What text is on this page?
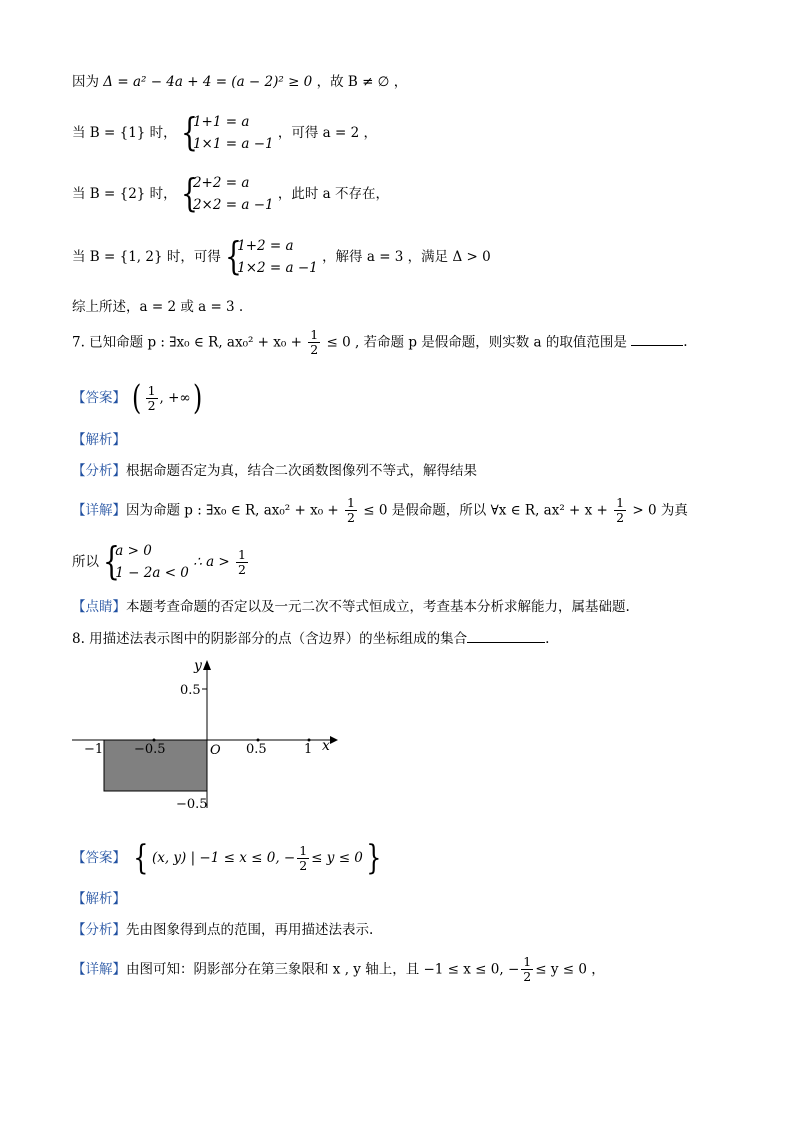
因为 Δ = a² − 4a + 4 = (a − 2)² ≥ 0 ，故 B ≠ ∅ ，
当 B = {1} 时， {
1+1 = a
1×1 = a −1
，可得 a = 2 ，
当 B = {2} 时， {
2+2 = a
2×2 = a −1
，此时 a 不存在，
当 B = {1, 2} 时，可得 {
1+2 = a
1×2 = a −1
，解得 a = 3 ，满足 Δ > 0
综上所述，a = 2 或 a = 3 .
7. 已知命题 p : ∃x₀ ∈ R, $ax_0^2 + x_0 + \frac{1}{2} \le 0$ , 若命题 p 是假命题，则实数 a 的取值范围是	.
【答案】 ( $\frac{1}{2}$ , +∞)
【解析】
【分析】根据命题否定为真，结合二次函数图像列不等式，解得结果
【详解】因为命题 p : ∃x₀ ∈ R, $ax_0^2 + x_0 + \frac{1}{2} \le 0$ 是假命题，所以 ∀x ∈ R, $ax^2 + x + \frac{1}{2} > 0$ 为真
所以 {
a > 0
1 − 2a < 0
∴ $a > \frac{1}{2}$
【点睛】本题考查命题的否定以及一元二次不等式恒成立，考查基本分析求解能力，属基础题.
8. 用描述法表示图中的阴影部分的点（含边界）的坐标组成的集合	.
y
x
O
0.5
−0.5
−1 −0.5	0.5	1
【答案】 { (x, y) | −1 ≤ x ≤ 0, − $\frac{1}{2} \le y \le 0$}
【解析】
【分析】先由图象得到点的范围，再用描述法表示.
【详解】由图可知：阴影部分在第三象限和 x , y 轴上，且 −1 ≤ x ≤ 0, − $\frac{1}{2} \le y \le 0$ ，
